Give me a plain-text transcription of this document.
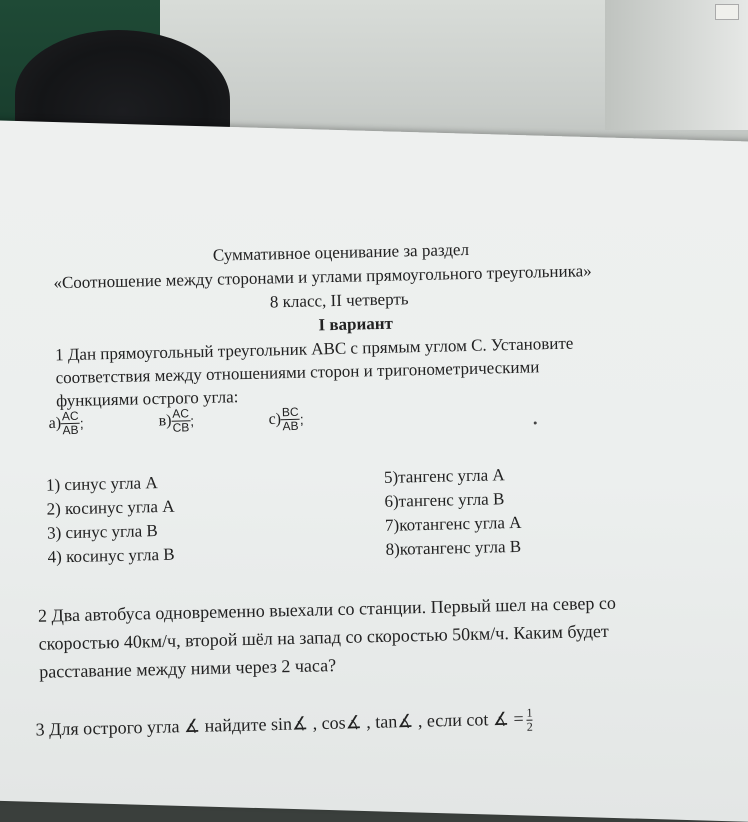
Суммативное оценивание за раздел
«Соотношение между сторонами и углами прямоугольного треугольника»
8 класс, II четверть
I вариант
1 Дан прямоугольный треугольник ABC с прямым углом C. Установите
соответствия между отношениями сторон и тригонометрическими
функциями острого угла:
$а) \frac{AC}{AB}$ ;	$в) \frac{AC}{CB}$ ;	$с) \frac{BC}{AB}$ ;
1) синус угла А
2) косинус угла А
3) синус угла В
4) косинус угла В
5)тангенс угла А
6)тангенс угла В
7)котангенс угла А
8)котангенс угла В
2 Два автобуса одновременно выехали со станции. Первый шел на север со
скоростью 40км/ч, второй шёл на запад со скоростью 50км/ч. Каким будет
расставание между ними через 2 часа?
3 Для острого угла ∡ найдите sin∡ , cos∡ , tan∡ , если cot ∡ = $\frac{1}{2}$
